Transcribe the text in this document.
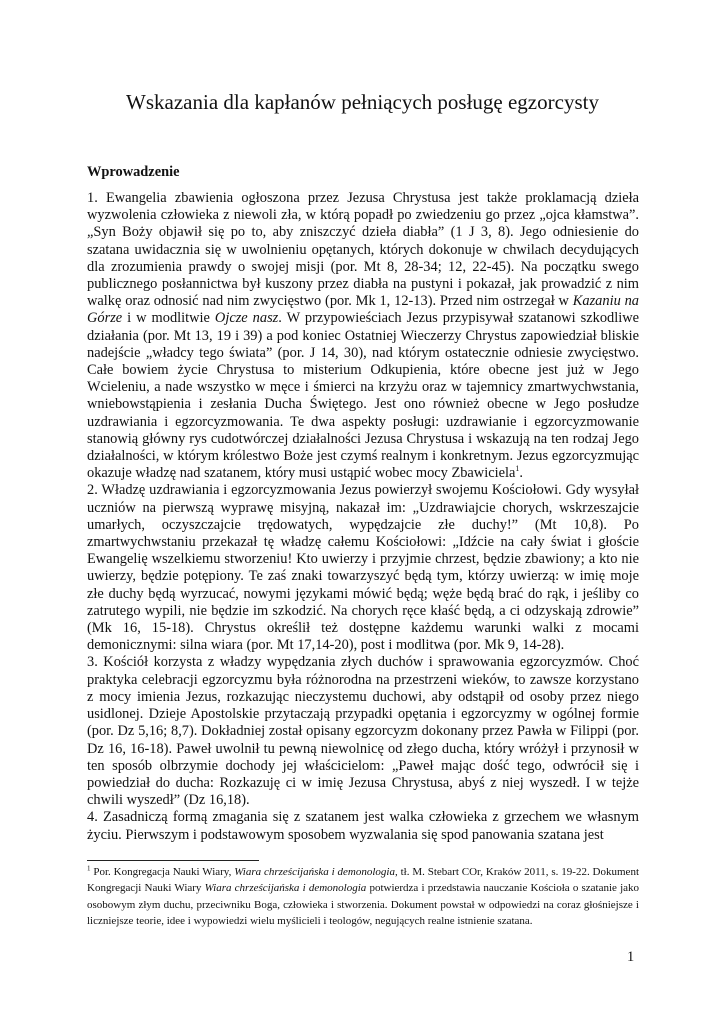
Wskazania dla kapłanów pełniących posługę egzorcysty
Wprowadzenie

1. Ewangelia zbawienia ogłoszona przez Jezusa Chrystusa jest także proklamacją dzieła wyzwolenia człowieka z niewoli zła, w którą popadł po zwiedzeniu go przez „ojca kłamstwa”. „Syn Boży objawił się po to, aby zniszczyć dzieła diabła” (1 J 3, 8). Jego odniesienie do szatana uwidacznia się w uwolnieniu opętanych, których dokonuje w chwilach decydujących dla zrozumienia prawdy o swojej misji (por. Mt 8, 28-34; 12, 22-45). Na początku swego publicznego posłannictwa był kuszony przez diabła na pustyni i pokazał, jak prowadzić z nim walkę oraz odnosić nad nim zwycięstwo (por. Mk 1, 12-13). Przed nim ostrzegał w Kazaniu na Górze i w modlitwie Ojcze nasz. W przypowieściach Jezus przypisywał szatanowi szkodliwe działania (por. Mt 13, 19 i 39) a pod koniec Ostatniej Wieczerzy Chrystus zapowiedział bliskie nadejście „władcy tego świata” (por. J 14, 30), nad którym ostatecznie odniesie zwycięstwo. Całe bowiem życie Chrystusa to misterium Odkupienia, które obecne jest już w Jego Wcieleniu, a nade wszystko w męce i śmierci na krzyżu oraz w tajemnicy zmartwychwstania, wniebowstąpienia i zesłania Ducha Świętego. Jest ono również obecne w Jego posłudze uzdrawiania i egzorcyzmowania. Te dwa aspekty posługi: uzdrawianie i egzorcyzmowanie stanowią główny rys cudotwórczej działalności Jezusa Chrystusa i wskazują na ten rodzaj Jego działalności, w którym królestwo Boże jest czymś realnym i konkretnym. Jezus egzorcyzmując okazuje władzę nad szatanem, który musi ustąpić wobec mocy Zbawiciela$^1$.

2. Władzę uzdrawiania i egzorcyzmowania Jezus powierzył swojemu Kościołowi. Gdy wysyłał uczniów na pierwszą wyprawę misyjną, nakazał im: „Uzdrawiajcie chorych, wskrzeszajcie umarłych, oczyszczajcie trędowatych, wypędzajcie złe duchy!” (Mt 10,8). Po zmartwychwstaniu przekazał tę władzę całemu Kościołowi: „Idźcie na cały świat i głoście Ewangelię wszelkiemu stworzeniu! Kto uwierzy i przyjmie chrzest, będzie zbawiony; a kto nie uwierzy, będzie potępiony. Te zaś znaki towarzyszyć będą tym, którzy uwierzą: w imię moje złe duchy będą wyrzucać, nowymi językami mówić będą; węże będą brać do rąk, i jeśliby co zatrutego wypili, nie będzie im szkodzić. Na chorych ręce kłaść będą, a ci odzyskają zdrowie” (Mk 16, 15-18). Chrystus określił też dostępne każdemu warunki walki z mocami demonicznymi: silna wiara (por. Mt 17,14-20), post i modlitwa (por. Mk 9, 14-28).

3. Kościół korzysta z władzy wypędzania złych duchów i sprawowania egzorcyzmów. Choć praktyka celebracji egzorcyzmu była różnorodna na przestrzeni wieków, to zawsze korzystano z mocy imienia Jezus, rozkazując nieczystemu duchowi, aby odstąpił od osoby przez niego usidlonej. Dzieje Apostolskie przytaczają przypadki opętania i egzorcyzmy w ogólnej formie (por. Dz 5,16; 8,7). Dokładniej został opisany egzorcyzm dokonany przez Pawła w Filippi (por. Dz 16, 16-18). Paweł uwolnił tu pewną niewolnicę od złego ducha, który wróżył i przynosił w ten sposób olbrzymie dochody jej właścicielom: „Paweł mając dość tego, odwrócił się i powiedział do ducha: Rozkazuję ci w imię Jezusa Chrystusa, abyś z niej wyszedł. I w tejże chwili wyszedł” (Dz 16,18).

4. Zasadniczą formą zmagania się z szatanem jest walka człowieka z grzechem we własnym życiu. Pierwszym i podstawowym sposobem wyzwalania się spod panowania szatana jest

$^1$ Por. Kongregacja Nauki Wiary, Wiara chrześcijańska i demonologia, tł. M. Stebart COr, Kraków 2011, s. 19-22. Dokument Kongregacji Nauki Wiary Wiara chrześcijańska i demonologia potwierdza i przedstawia nauczanie Kościoła o szatanie jako osobowym złym duchu, przeciwniku Boga, człowieka i stworzenia. Dokument powstał w odpowiedzi na coraz głośniejsze i liczniejsze teorie, idee i wypowiedzi wielu myślicieli i teologów, negujących realne istnienie szatana.

1
